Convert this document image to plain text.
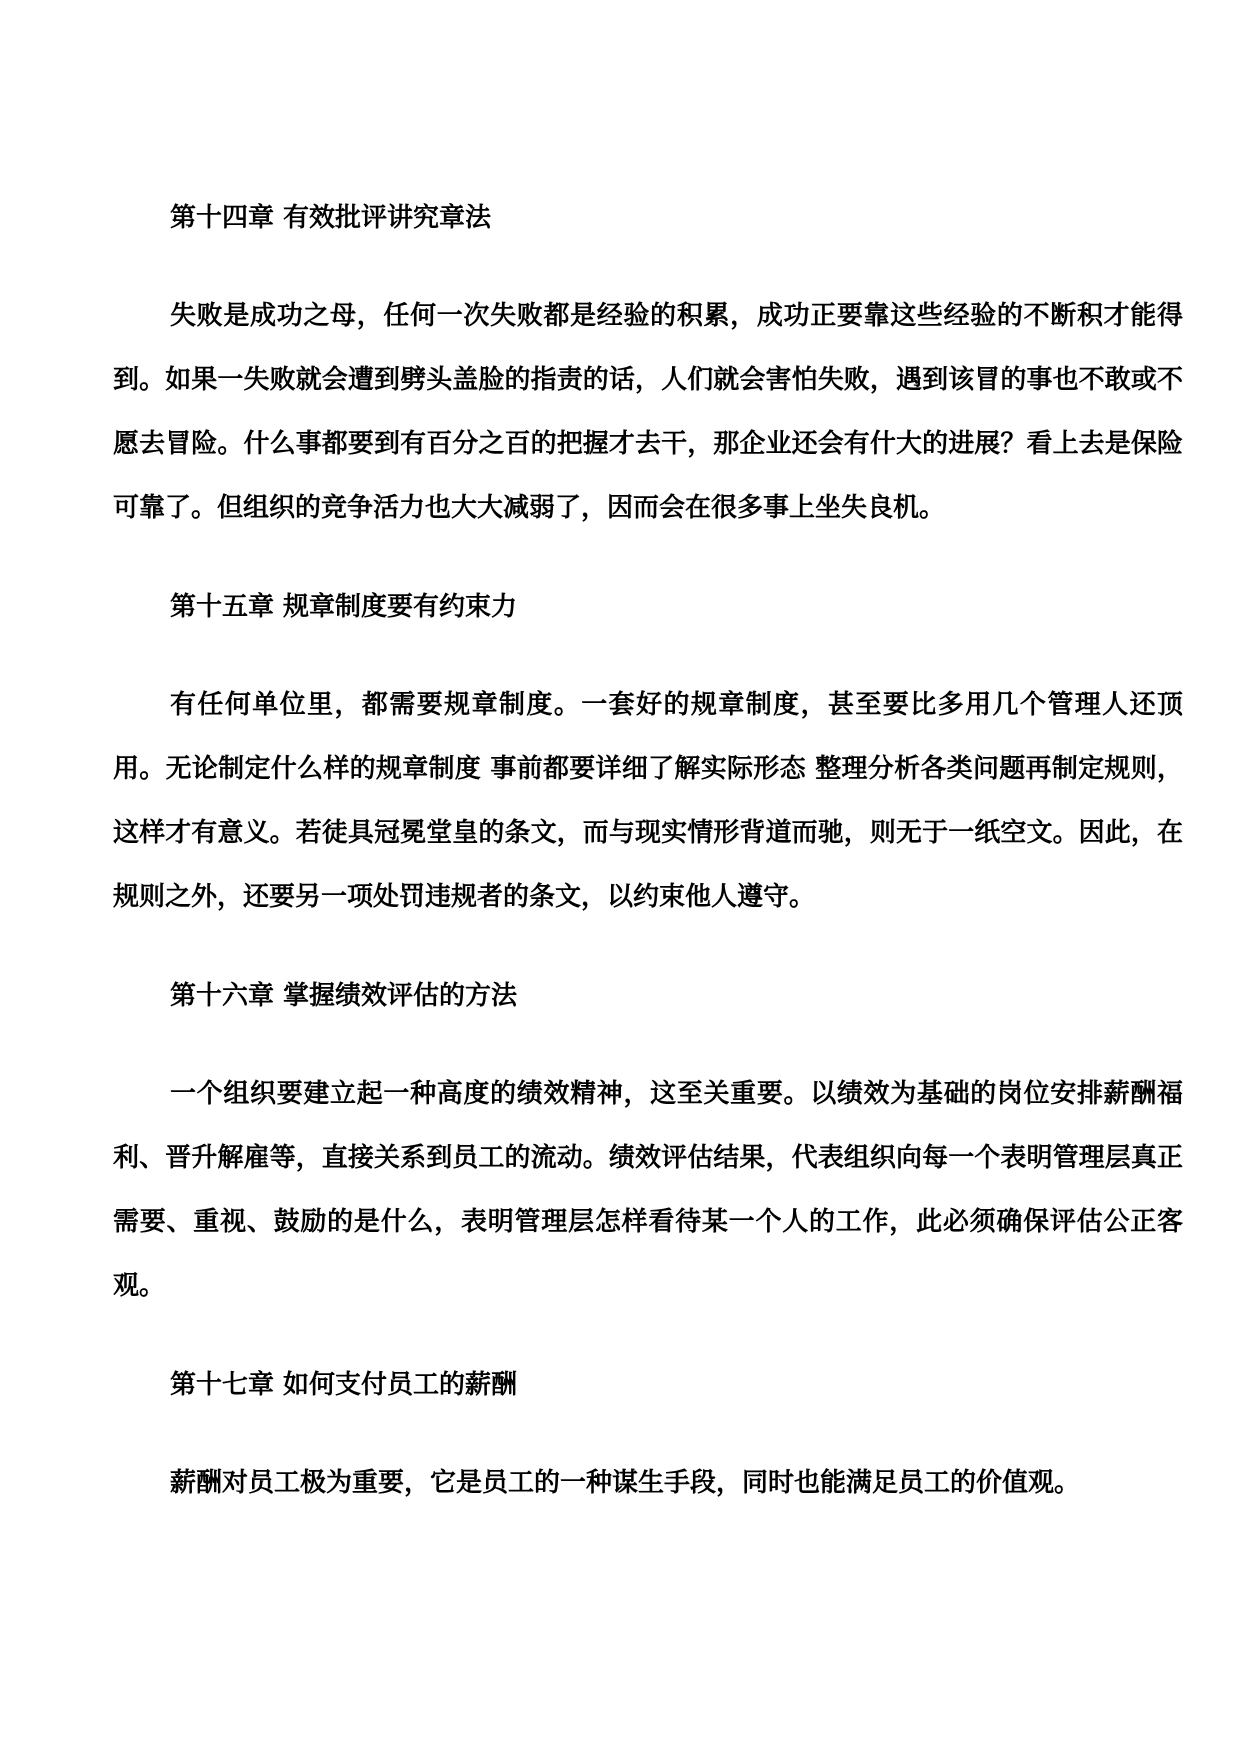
第十四章 有效批评讲究章法

失败是成功之母，任何一次失败都是经验的积累，成功正要靠这些经验的不断积才能得到。如果一失败就会遭到劈头盖脸的指责的话，人们就会害怕失败，遇到该冒的事也不敢或不愿去冒险。什么事都要到有百分之百的把握才去干，那企业还会有什大的进展？看上去是保险可靠了。但组织的竞争活力也大大减弱了，因而会在很多事上坐失良机。

第十五章 规章制度要有约束力

有任何单位里，都需要规章制度。一套好的规章制度，甚至要比多用几个管理人还顶用。无论制定什么样的规章制度 事前都要详细了解实际形态 整理分析各类问题再制定规则，这样才有意义。若徒具冠冕堂皇的条文，而与现实情形背道而驰，则无于一纸空文。因此，在规则之外，还要另一项处罚违规者的条文，以约束他人遵守。

第十六章 掌握绩效评估的方法

一个组织要建立起一种高度的绩效精神，这至关重要。以绩效为基础的岗位安排薪酬福利、晋升解雇等，直接关系到员工的流动。绩效评估结果，代表组织向每一个表明管理层真正需要、重视、鼓励的是什么，表明管理层怎样看待某一个人的工作，此必须确保评估公正客观。

第十七章 如何支付员工的薪酬

薪酬对员工极为重要，它是员工的一种谋生手段，同时也能满足员工的价值观。
